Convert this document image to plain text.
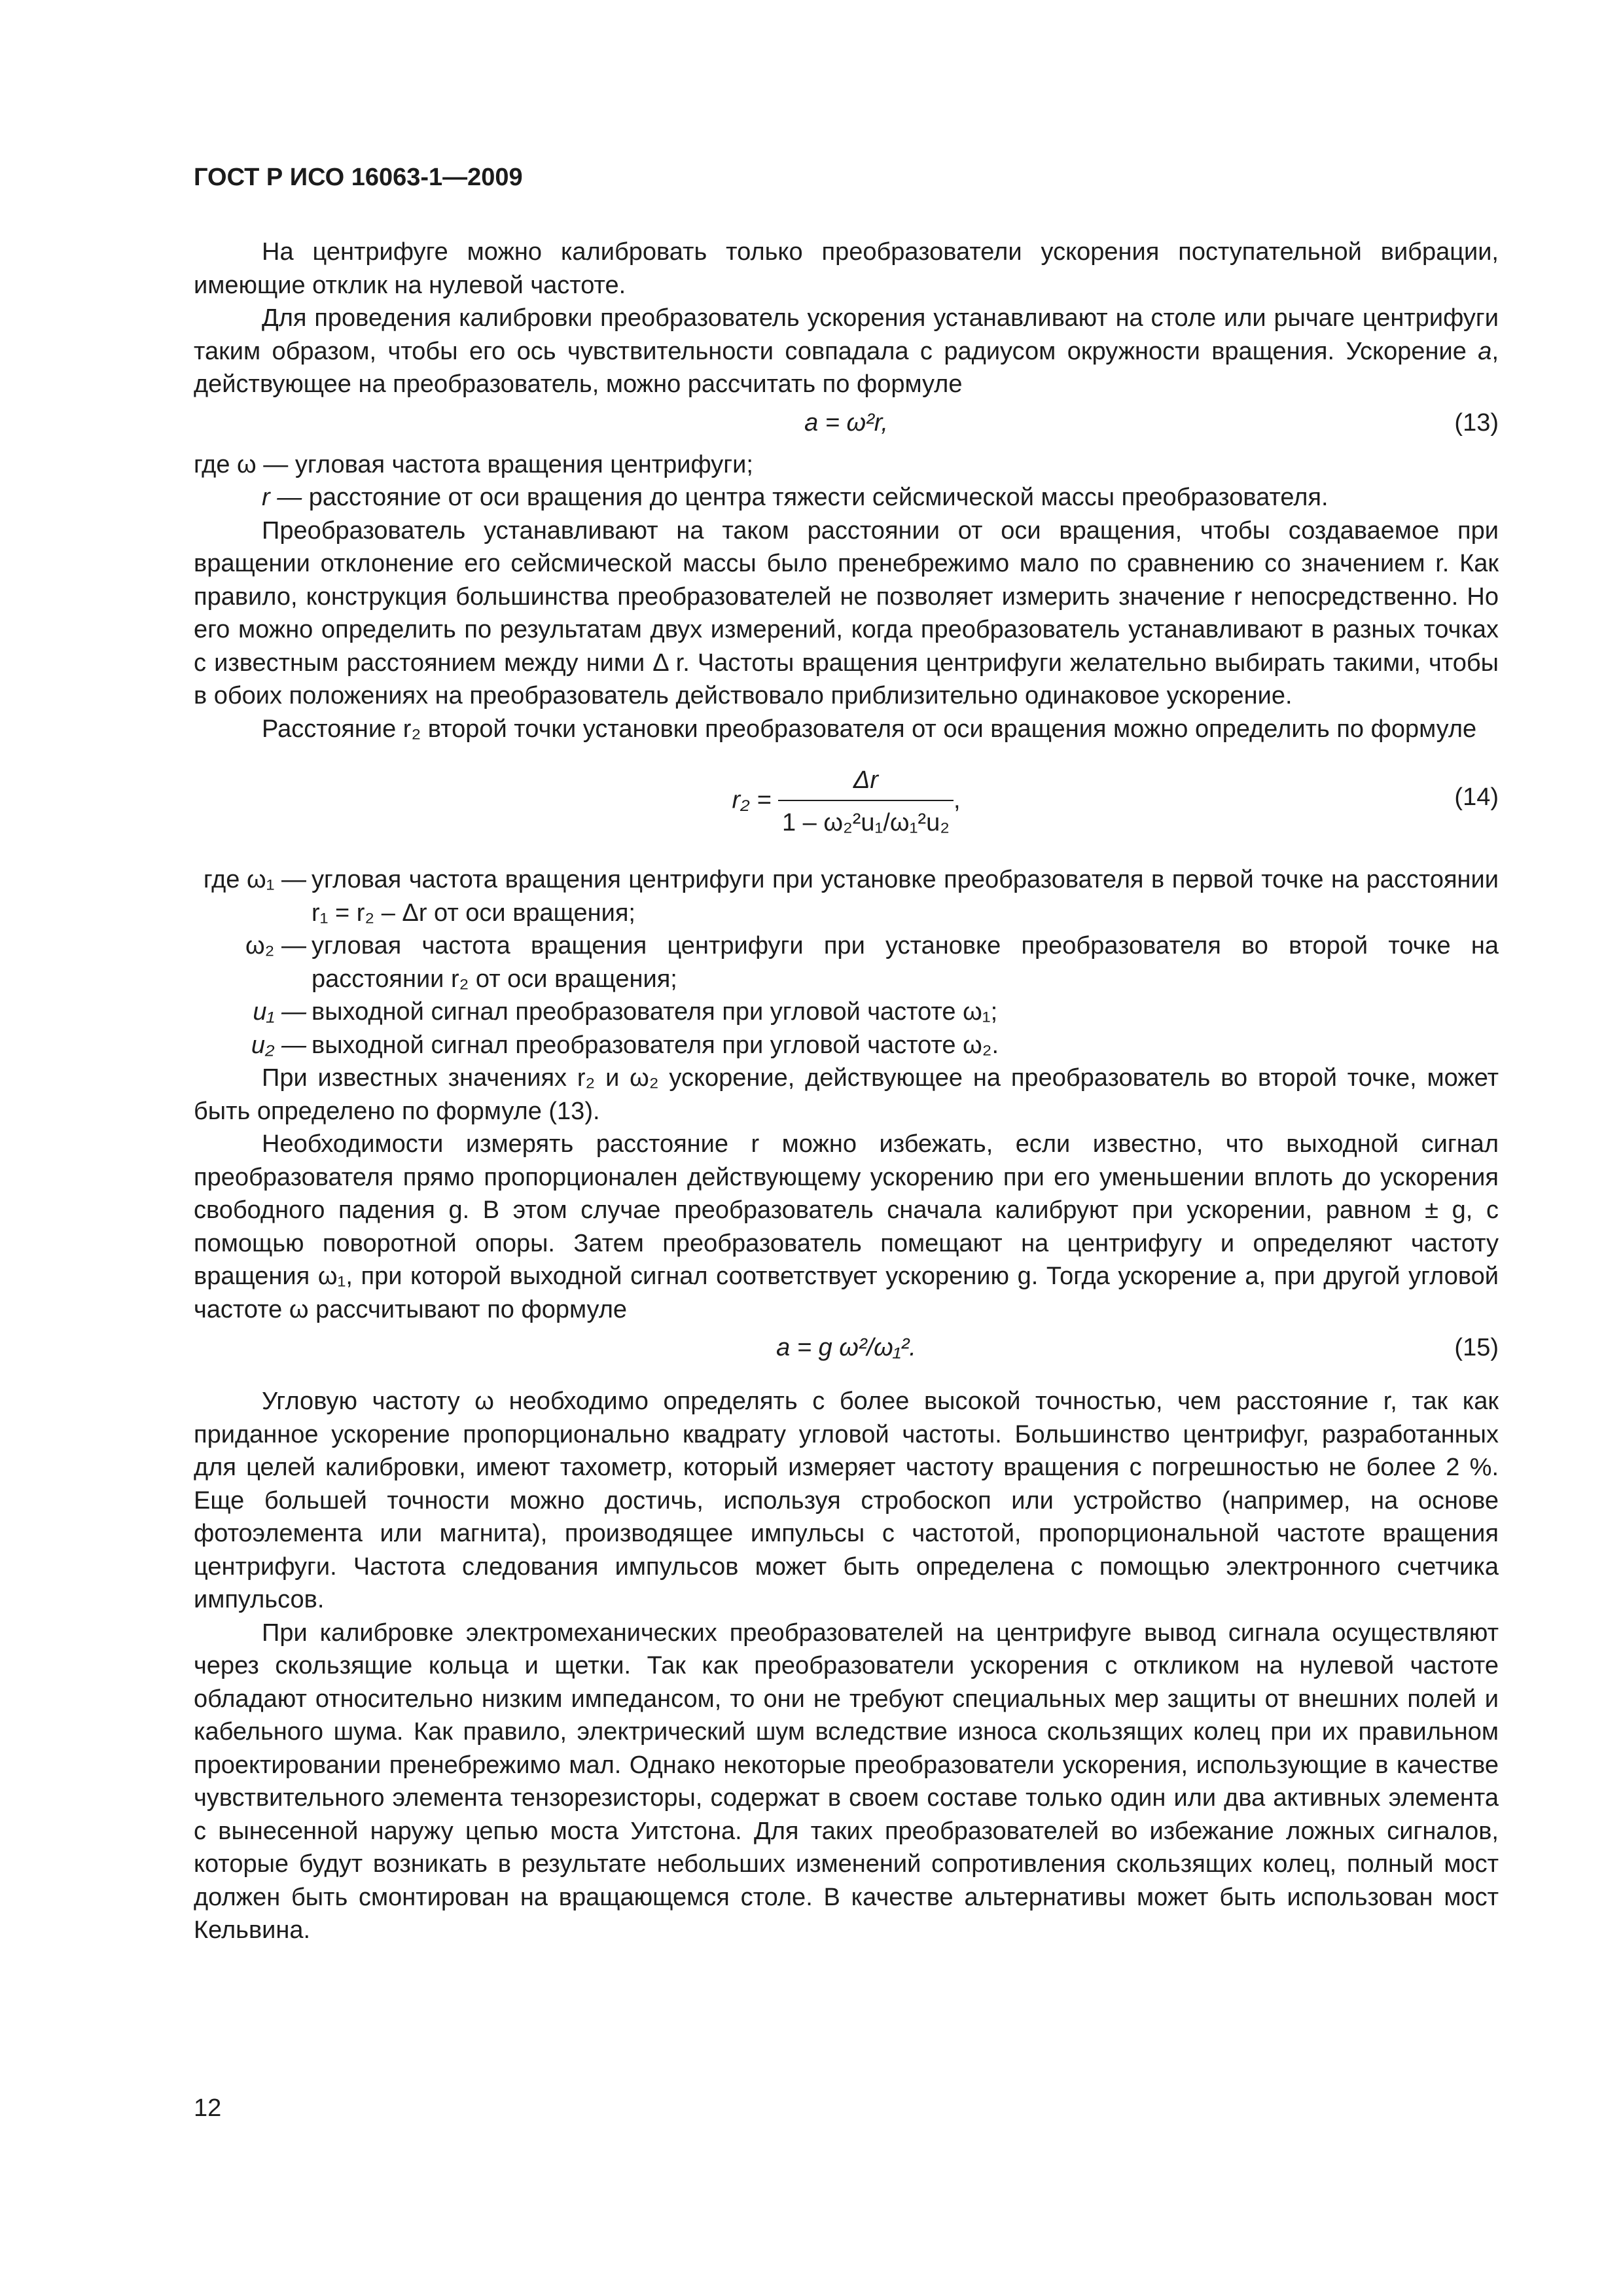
ГОСТ Р ИСО 16063-1—2009

На центрифуге можно калибровать только преобразователи ускорения поступательной вибрации, имеющие отклик на нулевой частоте.

Для проведения калибровки преобразователь ускорения устанавливают на столе или рычаге центрифуги таким образом, чтобы его ось чувствительности совпадала с радиусом окружности вращения. Ускорение a, действующее на преобразователь, можно рассчитать по формуле

a = ω²r,	(13)

где ω — угловая частота вращения центрифуги;

r — расстояние от оси вращения до центра тяжести сейсмической массы преобразователя.

Преобразователь устанавливают на таком расстоянии от оси вращения, чтобы создаваемое при вращении отклонение его сейсмической массы было пренебрежимо мало по сравнению со значением r. Как правило, конструкция большинства преобразователей не позволяет измерить значение r непосредственно. Но его можно определить по результатам двух измерений, когда преобразователь устанавливают в разных точках с известным расстоянием между ними Δ r. Частоты вращения центрифуги желательно выбирать такими, чтобы в обоих положениях на преобразователь действовало приблизительно одинаковое ускорение.

Расстояние r₂ второй точки установки преобразователя от оси вращения можно определить по формуле

$r_2 = \frac{\Delta r}{\text{1 – ω₂²u₁/ω₁²u₂}}$ ,	(14)
где ω₁ — угловая частота вращения центрифуги при установке преобразователя в первой точке на расстоянии r₁ = r₂ – Δr от оси вращения;
ω₂ — угловая частота вращения центрифуги при установке преобразователя во второй точке на расстоянии r₂ от оси вращения;
u₁ — выходной сигнал преобразователя при угловой частоте ω₁;
u₂ — выходной сигнал преобразователя при угловой частоте ω₂.

При известных значениях r₂ и ω₂ ускорение, действующее на преобразователь во второй точке, может быть определено по формуле (13).

Необходимости измерять расстояние r можно избежать, если известно, что выходной сигнал преобразователя прямо пропорционален действующему ускорению при его уменьшении вплоть до ускорения свободного падения g. В этом случае преобразователь сначала калибруют при ускорении, равном ± g, с помощью поворотной опоры. Затем преобразователь помещают на центрифугу и определяют частоту вращения ω₁, при которой выходной сигнал соответствует ускорению g. Тогда ускорение a, при другой угловой частоте ω рассчитывают по формуле

a = g ω²/ω₁².	(15)

Угловую частоту ω необходимо определять с более высокой точностью, чем расстояние r, так как приданное ускорение пропорционально квадрату угловой частоты. Большинство центрифуг, разработанных для целей калибровки, имеют тахометр, который измеряет частоту вращения с погрешностью не более 2 %. Еще большей точности можно достичь, используя стробоскоп или устройство (например, на основе фотоэлемента или магнита), производящее импульсы с частотой, пропорциональной частоте вращения центрифуги. Частота следования импульсов может быть определена с помощью электронного счетчика импульсов.

При калибровке электромеханических преобразователей на центрифуге вывод сигнала осуществляют через скользящие кольца и щетки. Так как преобразователи ускорения с откликом на нулевой частоте обладают относительно низким импедансом, то они не требуют специальных мер защиты от внешних полей и кабельного шума. Как правило, электрический шум вследствие износа скользящих колец при их правильном проектировании пренебрежимо мал. Однако некоторые преобразователи ускорения, использующие в качестве чувствительного элемента тензорезисторы, содержат в своем составе только один или два активных элемента с вынесенной наружу цепью моста Уитстона. Для таких преобразователей во избежание ложных сигналов, которые будут возникать в результате небольших изменений сопротивления скользящих колец, полный мост должен быть смонтирован на вращающемся столе. В качестве альтернативы может быть использован мост Кельвина.

12
